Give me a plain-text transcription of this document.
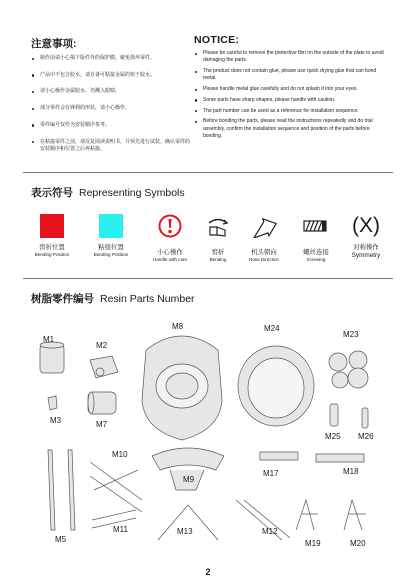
注意事项:	NOTICE:
制作前请小心揭下版件外的保护膜，避免损坏零件。
产品中不包含胶水，请自备可粘接金属的快干胶水。
请小心操作金属胶水，勿溅入眼睛。
部分零件会有锋利的形状，请小心操作。
零件编号仅作为安装顺序参考。
在粘接零件之前，请反复阅读说明书，并预先进行试装，确认零件的安装顺序和位置之后再粘接。
Please be careful to remove the protective film on the outside of the plate to avoid damaging the parts.
The product does not contain glue, please use quick drying glue that can bond metal.
Please handle metal glue carefully and do not splash it into your eyes.
Some parts have sharp shapes, please handle with caution.
The part number can be used as a reference for installation sequence.
Before bonding the parts, please read the instructions repeatedly and do trial assembly, confirm the installation sequence and position of the parts before bonding.
表示符号 Representing Symbols
窖折位置
Bending Position
粘接位置
Bonding Position	小心操作
Handle with care
窖折
Bending
机头朝向
Nose Direction
螺丝连接
Screwing
(X)
对称操作
Symmetry
树脂零件编号 Resin Parts Number
M1
M2
M3
M5
M7
M8
M9
M10
M11	M12
M13
M17	M18
M19	M20
M23
M24
M25 M26
2
